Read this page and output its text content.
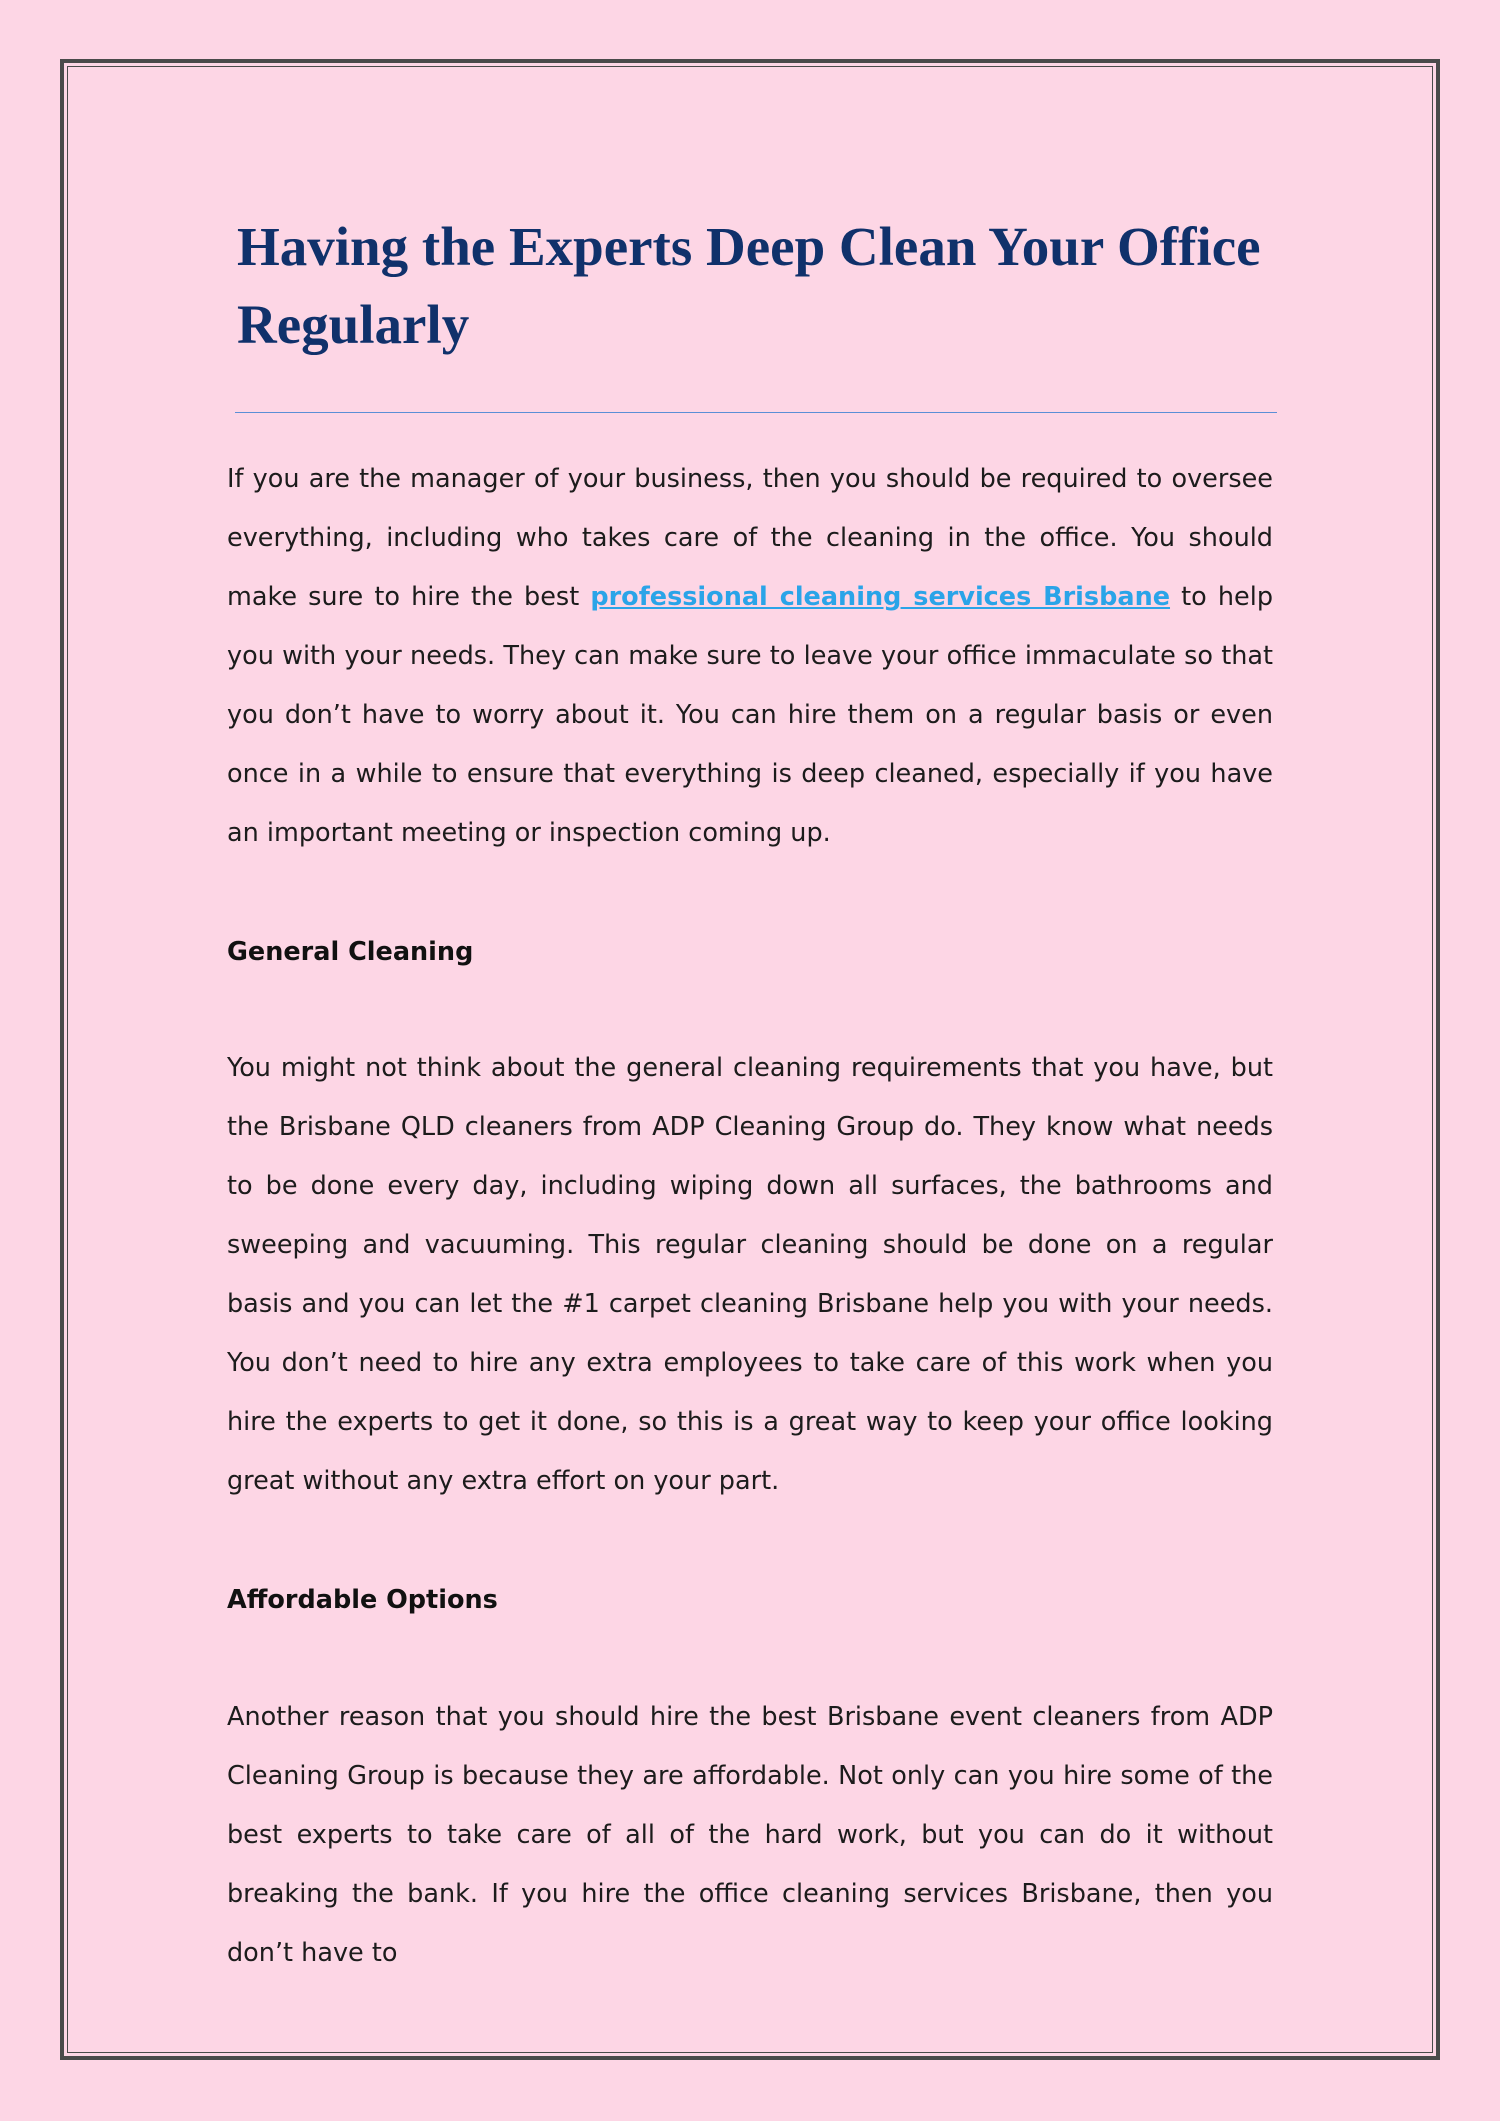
Having the Experts Deep Clean Your Office Regularly

If you are the manager of your business, then you should be required to oversee everything, including who takes care of the cleaning in the office. You should make sure to hire the best professional cleaning services Brisbane to help you with your needs. They can make sure to leave your office immaculate so that you don’t have to worry about it. You can hire them on a regular basis or even once in a while to ensure that everything is deep cleaned, especially if you have an important meeting or inspection coming up.

General Cleaning

You might not think about the general cleaning requirements that you have, but the Brisbane QLD cleaners from ADP Cleaning Group do. They know what needs to be done every day, including wiping down all surfaces, the bathrooms and sweeping and vacuuming. This regular cleaning should be done on a regular basis and you can let the #1 carpet cleaning Brisbane help you with your needs. You don’t need to hire any extra employees to take care of this work when you hire the experts to get it done, so this is a great way to keep your office looking great without any extra effort on your part.

Affordable Options

Another reason that you should hire the best Brisbane event cleaners from ADP Cleaning Group is because they are affordable. Not only can you hire some of the best experts to take care of all of the hard work, but you can do it without breaking the bank. If you hire the office cleaning services Brisbane, then you don’t have to
